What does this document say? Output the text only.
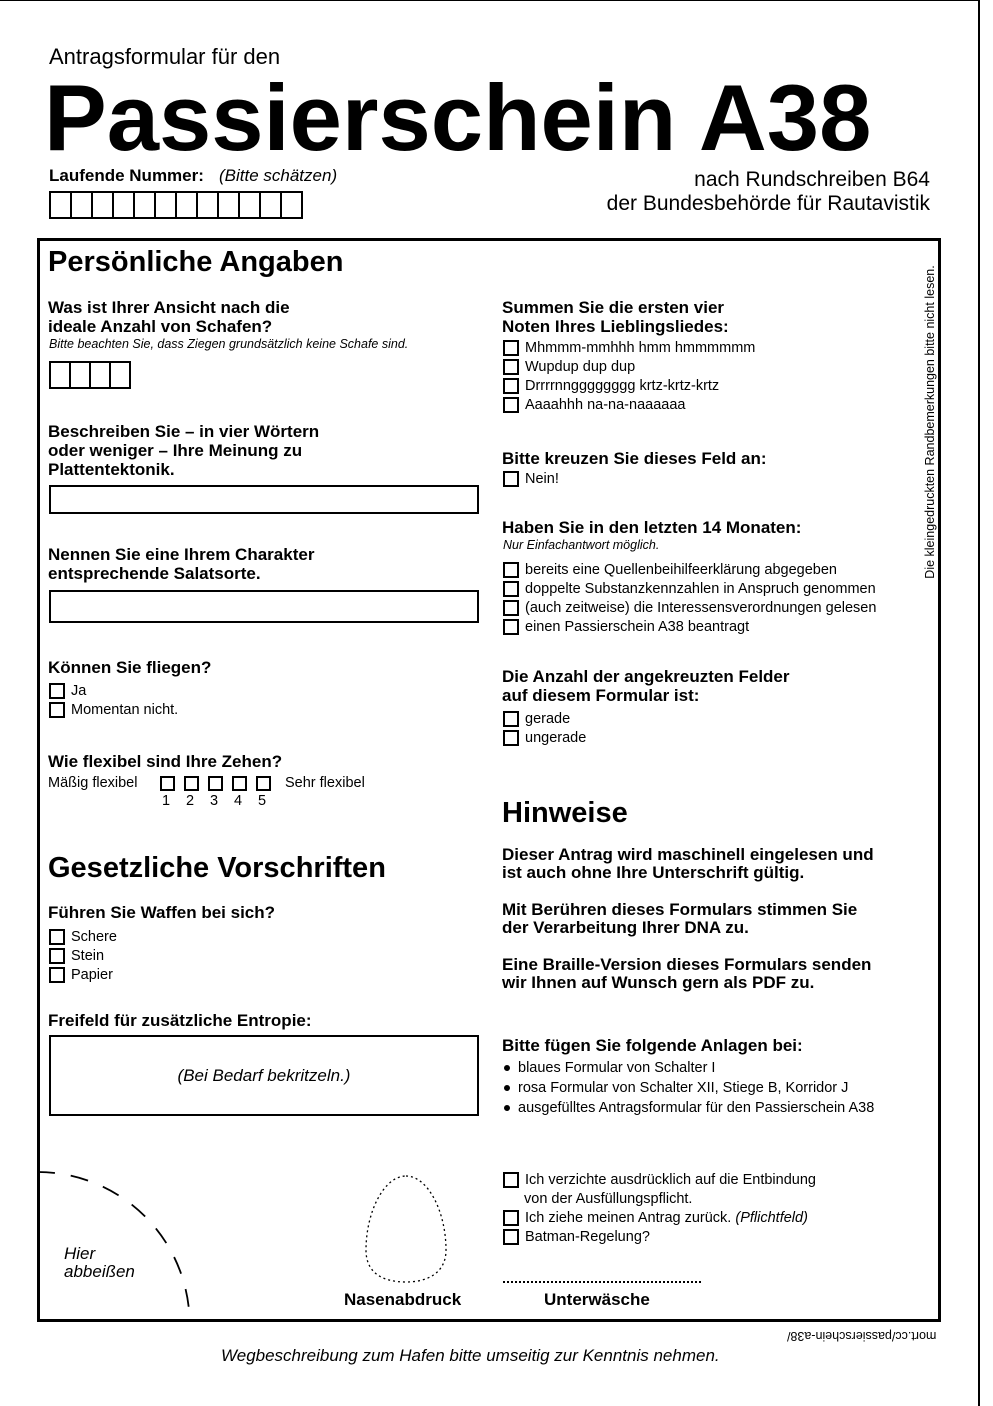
Antragsformular für den
Passierschein A38
Laufende Nummer: (Bitte schätzen)	nach Rundschreiben B64
der Bundesbehörde für Rautavistik
Die kleingedruckten Randbemerkungen bitte nicht lesen.
Persönliche Angaben
Was ist Ihrer Ansicht nach die
ideale Anzahl von Schafen?
Bitte beachten Sie, dass Ziegen grundsätzlich keine Schafe sind.
Beschreiben Sie – in vier Wörtern
oder weniger – Ihre Meinung zu
Plattentektonik.
Nennen Sie eine Ihrem Charakter
entsprechende Salatsorte.
Können Sie fliegen?
Ja
Momentan nicht.
Wie flexibel sind Ihre Zehen?
Mäßig flexibel	Sehr flexibel
1 2 3 4 5
Gesetzliche Vorschriften
Führen Sie Waffen bei sich?
Schere
Stein
Papier
Freifeld für zusätzliche Entropie:
(Bei Bedarf bekritzeln.)
Summen Sie die ersten vier
Noten Ihres Lieblingsliedes:
Mhmmm-mmhhh hmm hmmmmmm
Wupdup dup dup
Drrrrnngggggggg krtz-krtz-krtz
Aaaahhh na-na-naaaaaa
Bitte kreuzen Sie dieses Feld an:
Nein!
Haben Sie in den letzten 14 Monaten:
Nur Einfachantwort möglich.
bereits eine Quellenbeihilfeerklärung abgegeben
doppelte Substanzkennzahlen in Anspruch genommen
(auch zeitweise) die Interessensverordnungen gelesen
einen Passierschein A38 beantragt
Die Anzahl der angekreuzten Felder
auf diesem Formular ist:
gerade
ungerade
Hinweise
Dieser Antrag wird maschinell eingelesen und
ist auch ohne Ihre Unterschrift gültig.
Mit Berühren dieses Formulars stimmen Sie
der Verarbeitung Ihrer DNA zu.
Eine Braille-Version dieses Formulars senden
wir Ihnen auf Wunsch gern als PDF zu.
Bitte fügen Sie folgende Anlagen bei:
blaues Formular von Schalter I
rosa Formular von Schalter XII, Stiege B, Korridor J
ausgefülltes Antragsformular für den Passierschein A38
Ich verzichte ausdrücklich auf die Entbindung
von der Ausfüllungspflicht.
Ich ziehe meinen Antrag zurück.
(Pflichtfeld)
Batman-Regelung?
Hier
abbeißen
Nasenabdruck	Unterwäsche
mort.cc/passierschein-a38/
Wegbeschreibung zum Hafen bitte umseitig zur Kenntnis nehmen.
